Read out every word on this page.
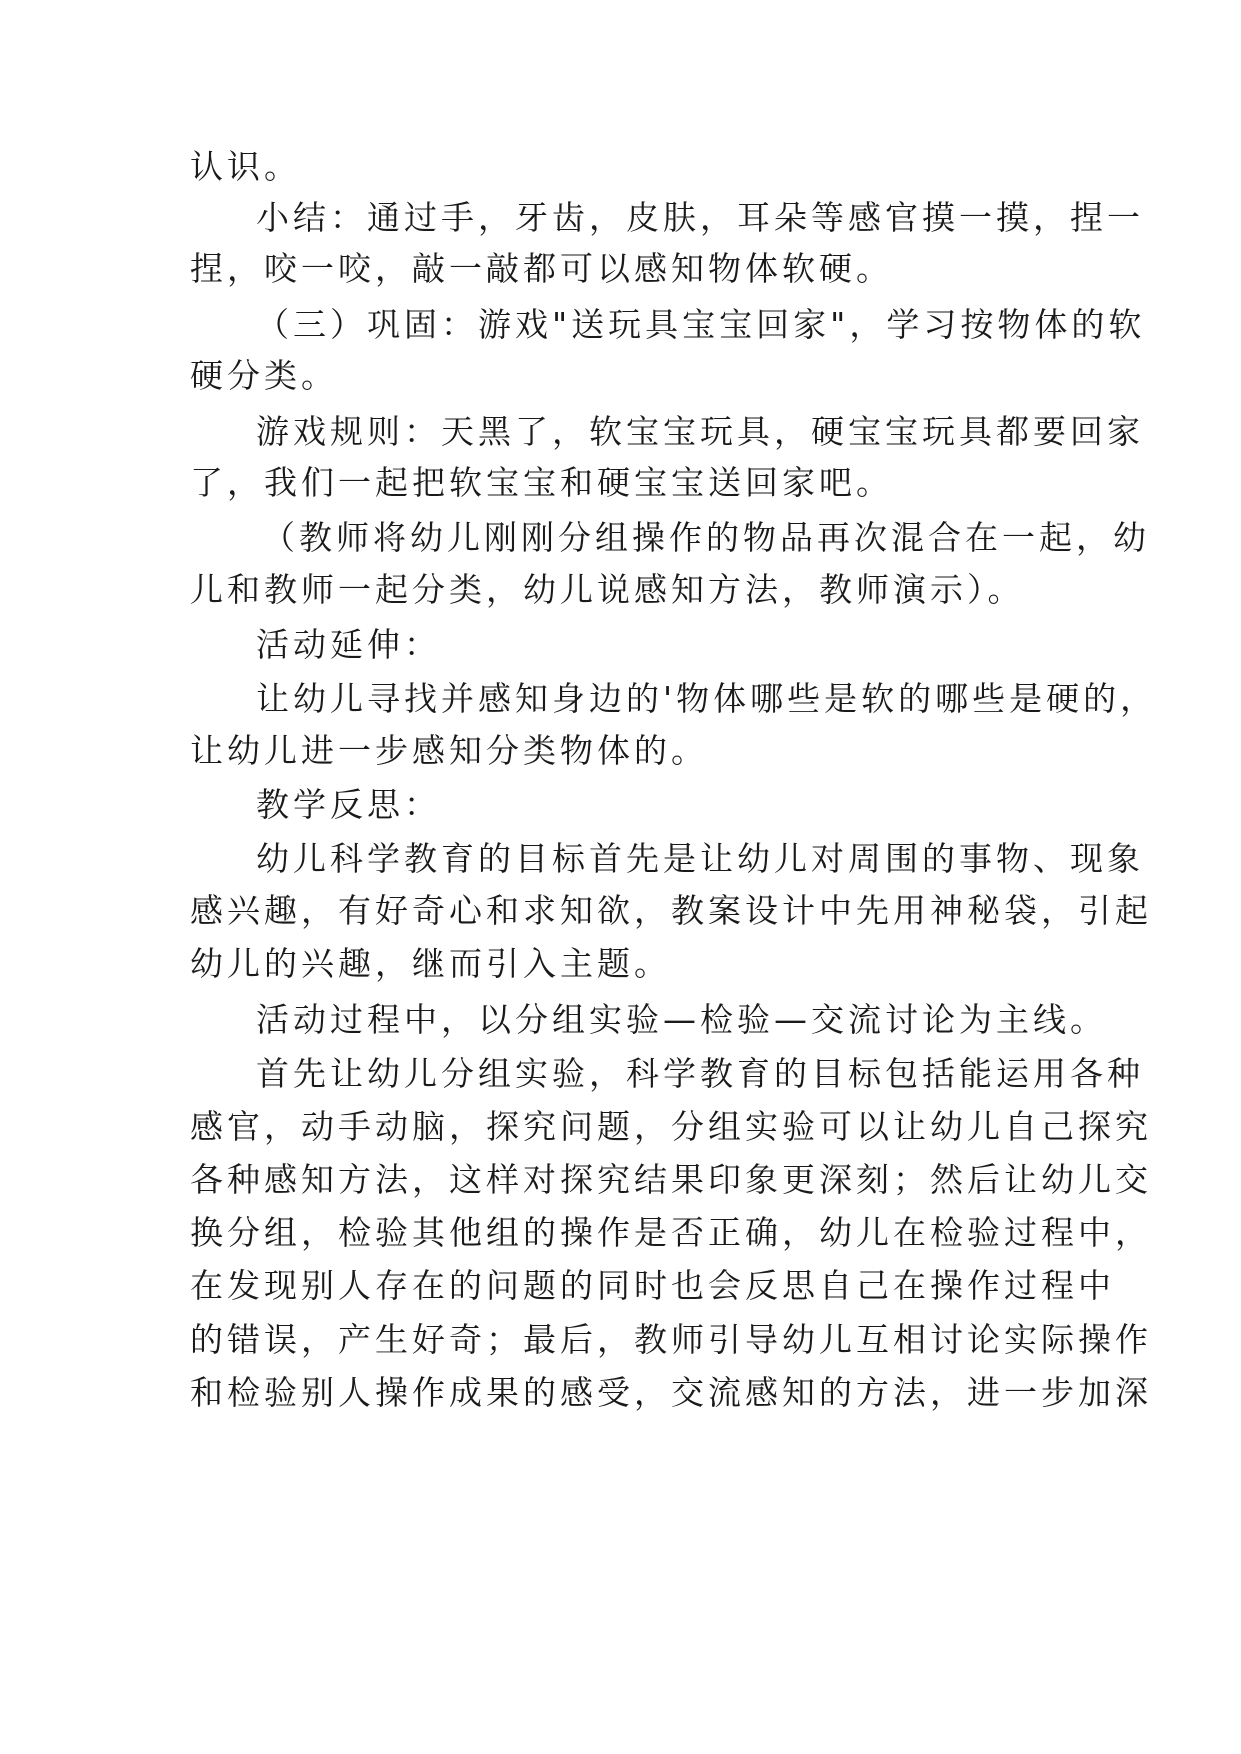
认识。
小结：通过手，牙齿，皮肤，耳朵等感官摸一摸，捏一
捏，咬一咬，敲一敲都可以感知物体软硬。
（三）巩固：游戏"送玩具宝宝回家"，学习按物体的软
硬分类。
游戏规则：天黑了，软宝宝玩具，硬宝宝玩具都要回家
了，我们一起把软宝宝和硬宝宝送回家吧。
（教师将幼儿刚刚分组操作的物品再次混合在一起，幼
儿和教师一起分类，幼儿说感知方法，教师演示）。
活动延伸：
让幼儿寻找并感知身边的'物体哪些是软的哪些是硬的，
让幼儿进一步感知分类物体的。
教学反思：
幼儿科学教育的目标首先是让幼儿对周围的事物、现象
感兴趣，有好奇心和求知欲，教案设计中先用神秘袋，引起
幼儿的兴趣，继而引入主题。
活动过程中，以分组实验—检验—交流讨论为主线。
首先让幼儿分组实验，科学教育的目标包括能运用各种
感官，动手动脑，探究问题，分组实验可以让幼儿自己探究
各种感知方法，这样对探究结果印象更深刻；然后让幼儿交
换分组，检验其他组的操作是否正确，幼儿在检验过程中，
在发现别人存在的问题的同时也会反思自己在操作过程中
的错误，产生好奇；最后，教师引导幼儿互相讨论实际操作
和检验别人操作成果的感受，交流感知的方法，进一步加深
